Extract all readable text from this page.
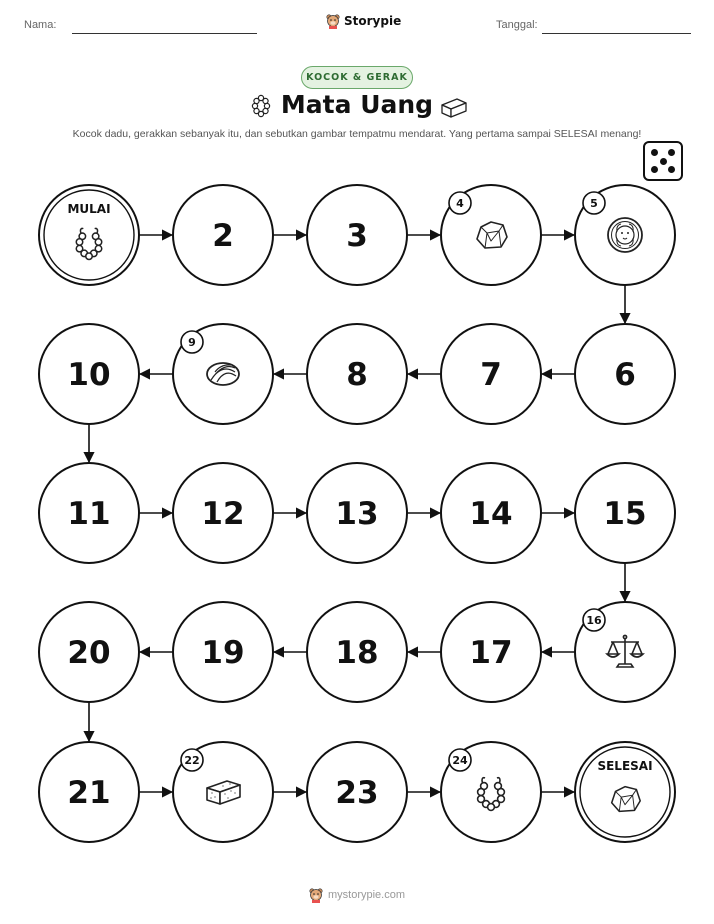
Nama:	Storypie	Tanggal:
KOCOK & GERAK
Mata Uang
Kocok dadu, gerakkan sebanyak itu, dan sebutkan gambar tempatmu mendarat. Yang pertama sampai SELESAI menang!
MULAI
2	3
4	5
6
7
8
9
10
11	12	13	14	15
16
17
18
19
20
21
22
23
24	SELESAI
mystorypie.com
